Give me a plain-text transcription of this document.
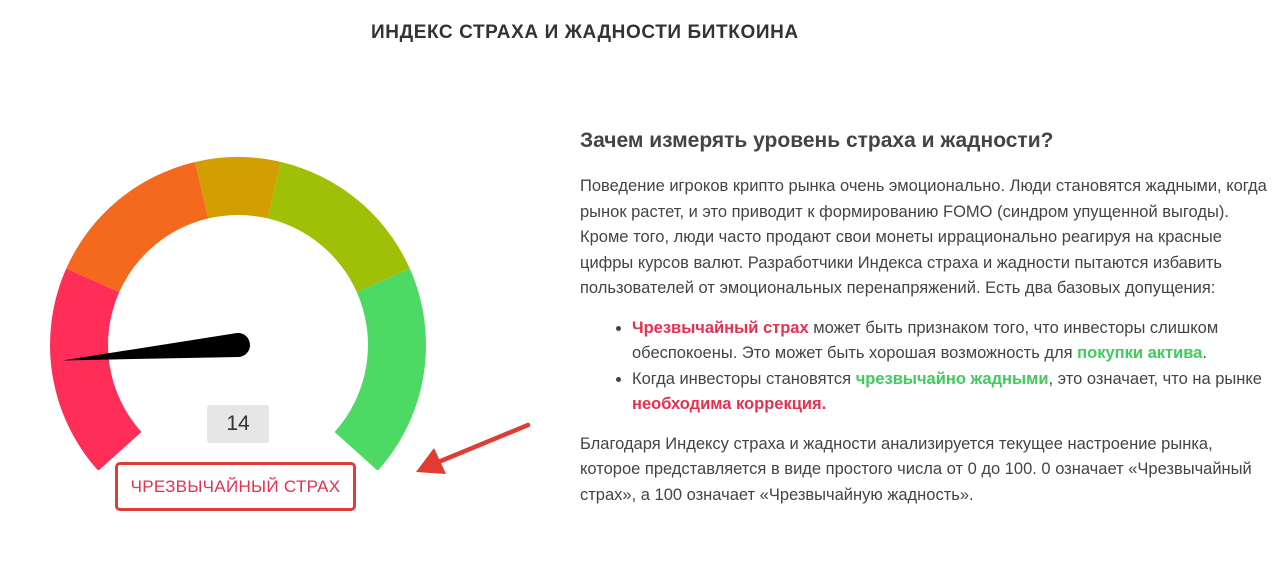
ИНДЕКС СТРАХА И ЖАДНОСТИ БИТКОИНА
14
ЧРЕЗВЫЧАЙНЫЙ СТРАХ
Зачем измерять уровень страха и жадности?

Поведение игроков крипто рынка очень эмоционально. Люди становятся жадными, когда рынок растет, и это приводит к формированию FOMO (синдром упущенной выгоды). Кроме того, люди часто продают свои монеты иррационально реагируя на красные цифры курсов валют. Разработчики Индекса страха и жадности пытаются избавить пользователей от эмоциональных перенапряжений. Есть два базовых допущения:

• Чрезвычайный страх может быть признаком того, что инвесторы слишком обеспокоены. Это может быть хорошая возможность для покупки актива.
• Когда инвесторы становятся чрезвычайно жадными, это означает, что на рынке необходима коррекция.

Благодаря Индексу страха и жадности анализируется текущее настроение рынка, которое представляется в виде простого числа от 0 до 100. 0 означает «Чрезвычайный страх», а 100 означает «Чрезвычайную жадность».
